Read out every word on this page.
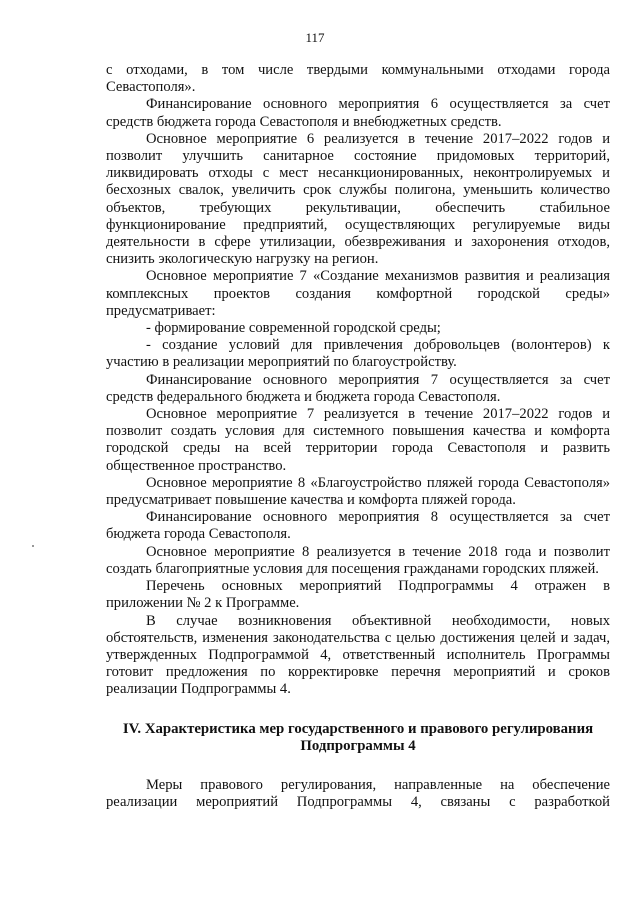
117

с отходами, в том числе твердыми коммунальными отходами города Севастополя».

Финансирование основного мероприятия 6 осуществляется за счет средств бюджета города Севастополя и внебюджетных средств.

Основное мероприятие 6 реализуется в течение 2017–2022 годов и позволит улучшить санитарное состояние придомовых территорий, ликвидировать отходы с мест несанкционированных, неконтролируемых и бесхозных свалок, увеличить срок службы полигона, уменьшить количество объектов, требующих рекультивации, обеспечить стабильное функционирование предприятий, осуществляющих регулируемые виды деятельности в сфере утилизации, обезвреживания и захоронения отходов, снизить экологическую нагрузку на регион.

Основное мероприятие 7 «Создание механизмов развития и реализация комплексных проектов создания комфортной городской среды» предусматривает:

- формирование современной городской среды;

- создание условий для привлечения добровольцев (волонтеров) к участию в реализации мероприятий по благоустройству.

Финансирование основного мероприятия 7 осуществляется за счет средств федерального бюджета и бюджета города Севастополя.

Основное мероприятие 7 реализуется в течение 2017–2022 годов и позволит создать условия для системного повышения качества и комфорта городской среды на всей территории города Севастополя и развить общественное пространство.

Основное мероприятие 8 «Благоустройство пляжей города Севастополя» предусматривает повышение качества и комфорта пляжей города.

Финансирование основного мероприятия 8 осуществляется за счет бюджета города Севастополя.

Основное мероприятие 8 реализуется в течение 2018 года и позволит создать благоприятные условия для посещения гражданами городских пляжей.

Перечень основных мероприятий Подпрограммы 4 отражен в приложении № 2 к Программе.

В случае возникновения объективной необходимости, новых обстоятельств, изменения законодательства с целью достижения целей и задач, утвержденных Подпрограммой 4, ответственный исполнитель Программы готовит предложения по корректировке перечня мероприятий и сроков реализации Подпрограммы 4.

IV. Характеристика мер государственного и правового регулирования
Подпрограммы 4

Меры правового регулирования, направленные на обеспечение реализации мероприятий Подпрограммы 4, связаны с разработкой
